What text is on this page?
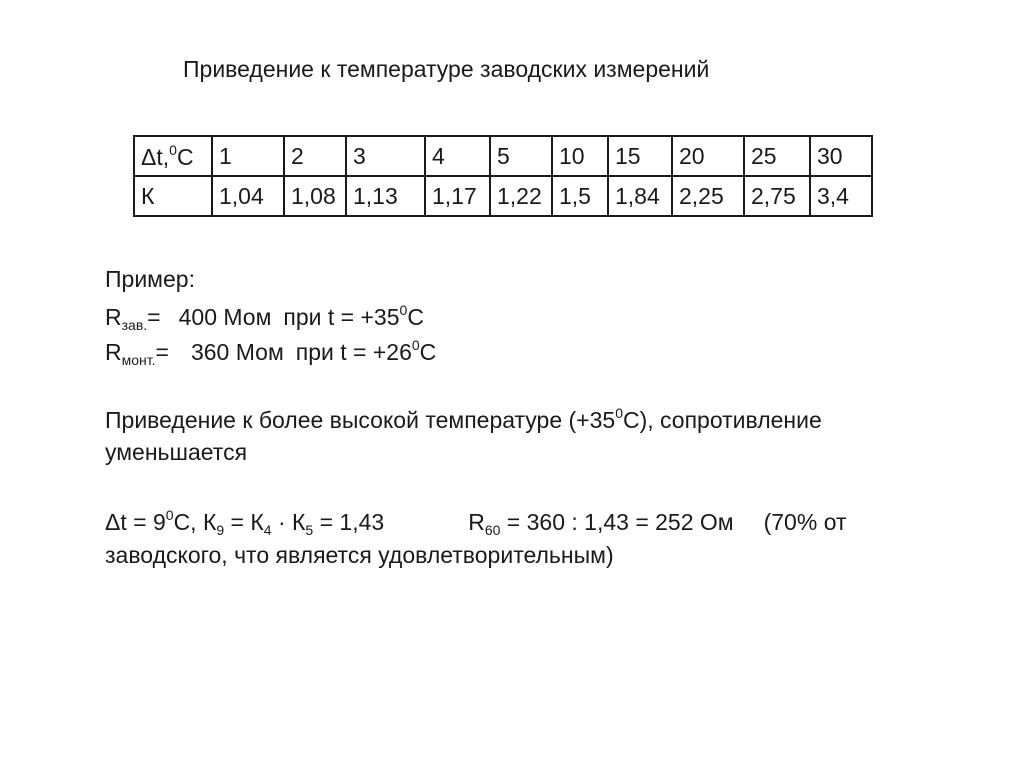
Приведение к температуре заводских измерений
Δt,$^0$С	1	2	3	4	5	10	15	20	25	30
К	1,04	1,08	1,13	1,17	1,22	1,5	1,84	2,25	2,75	3,4
Пример:
$R_{зав.}= 400$ Мом при $t = +35^0С$
$R_{монт.}= 360$ Мом при $t = +26^0С$
Приведение к более высокой температуре $(+35^0С)$, сопротивление
уменьшается
$\Delta t = 9^0С$, $К_9 = К_4 \cdot К_5 = 1,43$	$R_{60} = 360$ : 1,43 = 252 Ом (70% от
заводского, что является удовлетворительным)
